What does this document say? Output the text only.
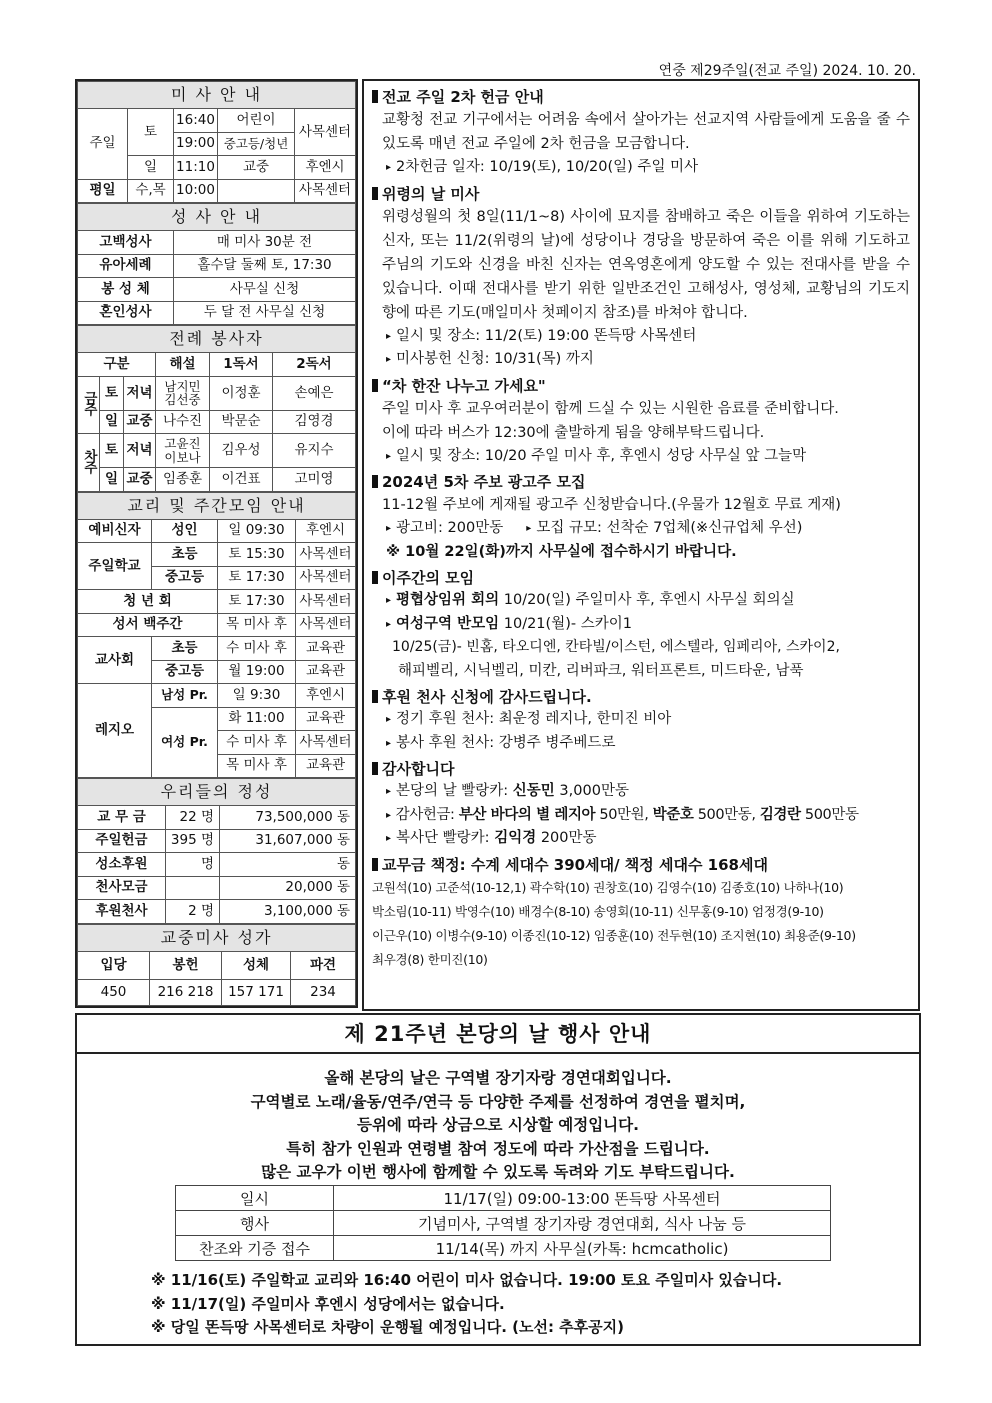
연중 제29주일(전교 주일) 2024. 10. 20.
미 사 안 내				
주일	토	16:40	어린이	사목센터
		19:00	중고등/청년	
	일	11:10	교중	후엔시
평일	수,목	10:00		사목센터
성 사 안 내	
고백성사	매 미사 30분 전
유아세례	홀수달 둘째 토, 17:30
봉 성 체	사무실 신청
혼인성사	두 달 전 사무실 신청
전례 봉사자					
구분			해설	1독서	2독서
금주	토	저녁	남지민 김선중	이정훈	손예은
	일	교중	나수진	박문순	김영경
차주	토	저녁	고윤진 이보나	김우성	유지수
	일	교중	임종훈	이건표	고미영
교리 및 주간모임 안내			
예비신자	성인	일 09:30	후엔시
주일학교	초등	토 15:30	사목센터
	중고등	토 17:30	사목센터
청 년 회		토 17:30	사목센터
성서 백주간		목 미사 후	사목센터
교사회	초등	수 미사 후	교육관
	중고등	월 19:00	교육관
레지오	남성 Pr.	일 9:30	후엔시
	여성 Pr.	화 11:00	교육관
		수 미사 후	사목센터
		목 미사 후	교육관
우리들의 정성		
교 무 금	22 명	73,500,000 동
주일헌금	395 명	31,607,000 동
성소후원	명	동
천사모금		20,000 동
후원천사	2 명	3,100,000 동
교중미사 성가			
입당	봉헌	성체	파견
450	216 218	157 171	234
전교 주일 2차 헌금 안내
교황청 전교 기구에서는 어려움 속에서 살아가는 선교지역 사람들에게 도움을 줄 수 있도록 매년 전교 주일에 2차 헌금을 모금합니다.
▸ 2차헌금 일자: 10/19(토), 10/20(일) 주일 미사
위령의 날 미사
위령성월의 첫 8일(11/1~8) 사이에 묘지를 참배하고 죽은 이들을 위하여 기도하는 신자, 또는 11/2(위령의 날)에 성당이나 경당을 방문하여 죽은 이를 위해 기도하고 주님의 기도와 신경을 바친 신자는 연옥영혼에게 양도할 수 있는 전대사를 받을 수 있습니다. 이때 전대사를 받기 위한 일반조건인 고해성사, 영성체, 교황님의 기도지향에 따른 기도(매일미사 첫페이지 참조)를 바쳐야 합니다.
▸ 일시 및 장소: 11/2(토) 19:00 똔득땅 사목센터
▸ 미사봉헌 신청: 10/31(목) 까지
“차 한잔 나누고 가세요"
주일 미사 후 교우여러분이 함께 드실 수 있는 시원한 음료를 준비합니다.
이에 따라 버스가 12:30에 출발하게 됨을 양해부탁드립니다.
▸ 일시 및 장소: 10/20 주일 미사 후, 후엔시 성당 사무실 앞 그늘막
2024년 5차 주보 광고주 모집
11-12월 주보에 게재될 광고주 신청받습니다.(우물가 12월호 무료 게재)
▸ 광고비: 200만동 ▸ 모집 규모: 선착순 7업체(※신규업체 우선)
※ 10월 22일(화)까지 사무실에 접수하시기 바랍니다.
이주간의 모임
▸ 평협상임위 회의 10/20(일) 주일미사 후, 후엔시 사무실 회의실
▸ 여성구역 반모임 10/21(월)- 스카이1
10/25(금)- 빈홈, 타오디엔, 칸타빌/이스턴, 에스텔라, 임페리아, 스카이2,
해피벨리, 시닉벨리, 미칸, 리버파크, 워터프론트, 미드타운, 남푹
후원 천사 신청에 감사드립니다.
▸ 정기 후원 천사: 최운정 레지나, 한미진 비아
▸ 봉사 후원 천사: 강병주 병주베드로
감사합니다
▸ 본당의 날 빨랑카: 신동민 3,000만동
▸ 감사헌금: 부산 바다의 별 레지아 50만원, 박준호 500만동, 김경란 500만동
▸ 복사단 빨랑카: 김익경 200만동
교무금 책정: 수계 세대수 390세대/ 책정 세대수 168세대
고원석(10) 고준석(10-12,1) 곽수학(10) 권창호(10) 김영수(10) 김종호(10) 나하나(10)
박소림(10-11) 박영수(10) 배경수(8-10) 송영회(10-11) 신무홍(9-10) 엄정경(9-10)
이근우(10) 이병수(9-10) 이종진(10-12) 임종훈(10) 전두현(10) 조지현(10) 최용준(9-10)
최우경(8) 한미진(10)
제 21주년 본당의 날 행사 안내
올해 본당의 날은 구역별 장기자랑 경연대회입니다.
구역별로 노래/율동/연주/연극 등 다양한 주제를 선정하여 경연을 펼치며,
등위에 따라 상금으로 시상할 예정입니다.
특히 참가 인원과 연령별 참여 정도에 따라 가산점을 드립니다.
많은 교우가 이번 행사에 함께할 수 있도록 독려와 기도 부탁드립니다.
일시	11/17(일) 09:00-13:00 똔득땅 사목센터
행사	기념미사, 구역별 장기자랑 경연대회, 식사 나눔 등
찬조와 기증 접수	11/14(목) 까지 사무실(카톡: hcmcatholic)
※ 11/16(토) 주일학교 교리와 16:40 어린이 미사 없습니다. 19:00 토요 주일미사 있습니다.
※ 11/17(일) 주일미사 후엔시 성당에서는 없습니다.
※ 당일 똔득땅 사목센터로 차량이 운행될 예정입니다. (노선: 추후공지)
